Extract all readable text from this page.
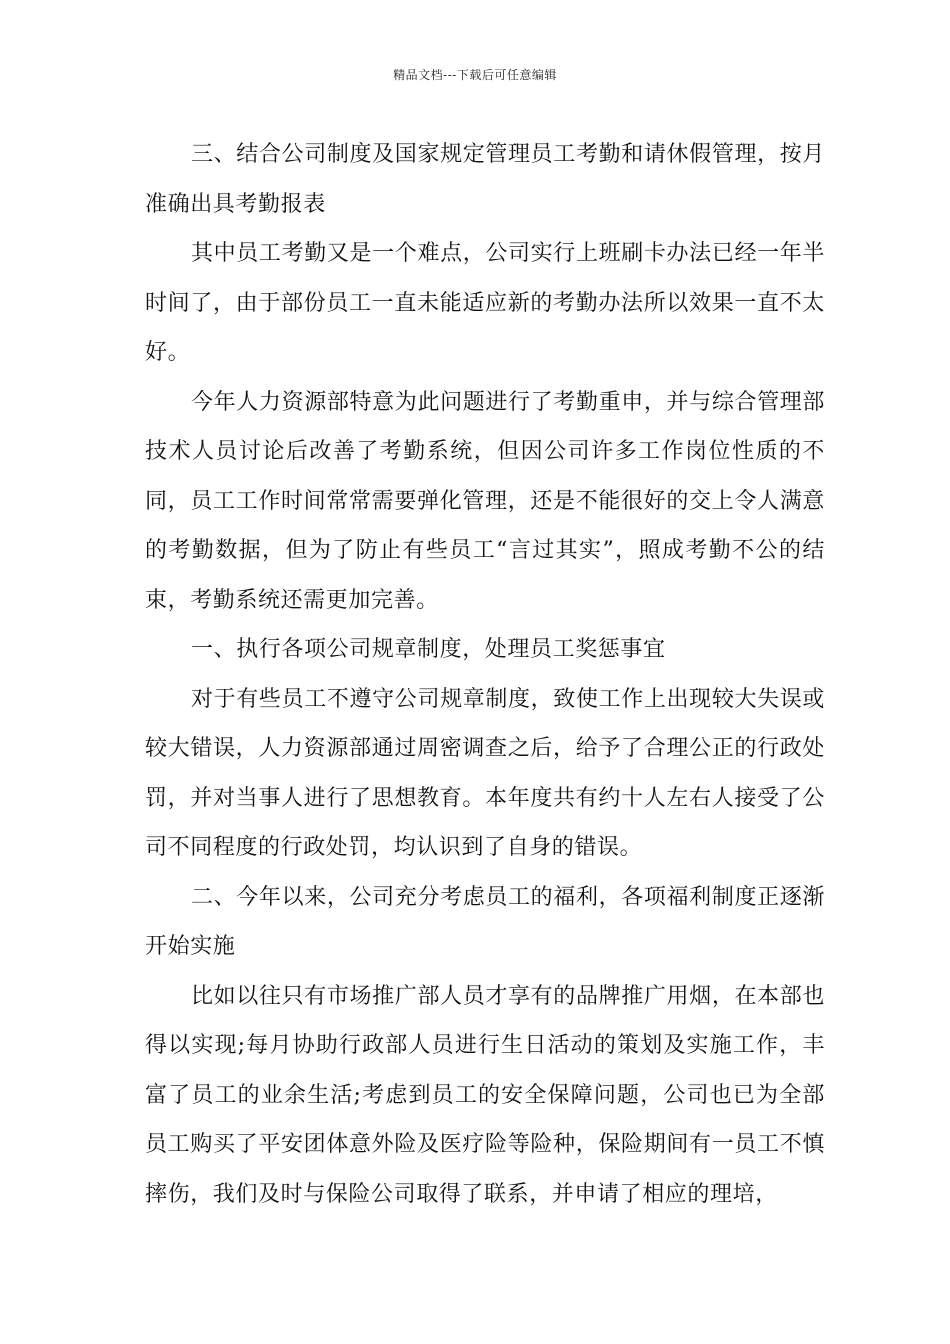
精品文档---下载后可任意编辑

三、结合公司制度及国家规定管理员工考勤和请休假管理，按月准确出具考勤报表

其中员工考勤又是一个难点，公司实行上班刷卡办法已经一年半时间了，由于部份员工一直未能适应新的考勤办法所以效果一直不太好。

今年人力资源部特意为此问题进行了考勤重申，并与综合管理部技术人员讨论后改善了考勤系统，但因公司许多工作岗位性质的不同，员工工作时间常常需要弹化管理，还是不能很好的交上令人满意的考勤数据，但为了防止有些员工“言过其实”，照成考勤不公的结束，考勤系统还需更加完善。

一、执行各项公司规章制度，处理员工奖惩事宜

对于有些员工不遵守公司规章制度，致使工作上出现较大失误或较大错误，人力资源部通过周密调查之后，给予了合理公正的行政处罚，并对当事人进行了思想教育。本年度共有约十人左右人接受了公司不同程度的行政处罚，均认识到了自身的错误。

二、今年以来，公司充分考虑员工的福利，各项福利制度正逐渐开始实施

比如以往只有市场推广部人员才享有的品牌推广用烟，在本部也得以实现;每月协助行政部人员进行生日活动的策划及实施工作，丰富了员工的业余生活;考虑到员工的安全保障问题，公司也已为全部员工购买了平安团体意外险及医疗险等险种，保险期间有一员工不慎摔伤，我们及时与保险公司取得了联系，并申请了相应的理培，
